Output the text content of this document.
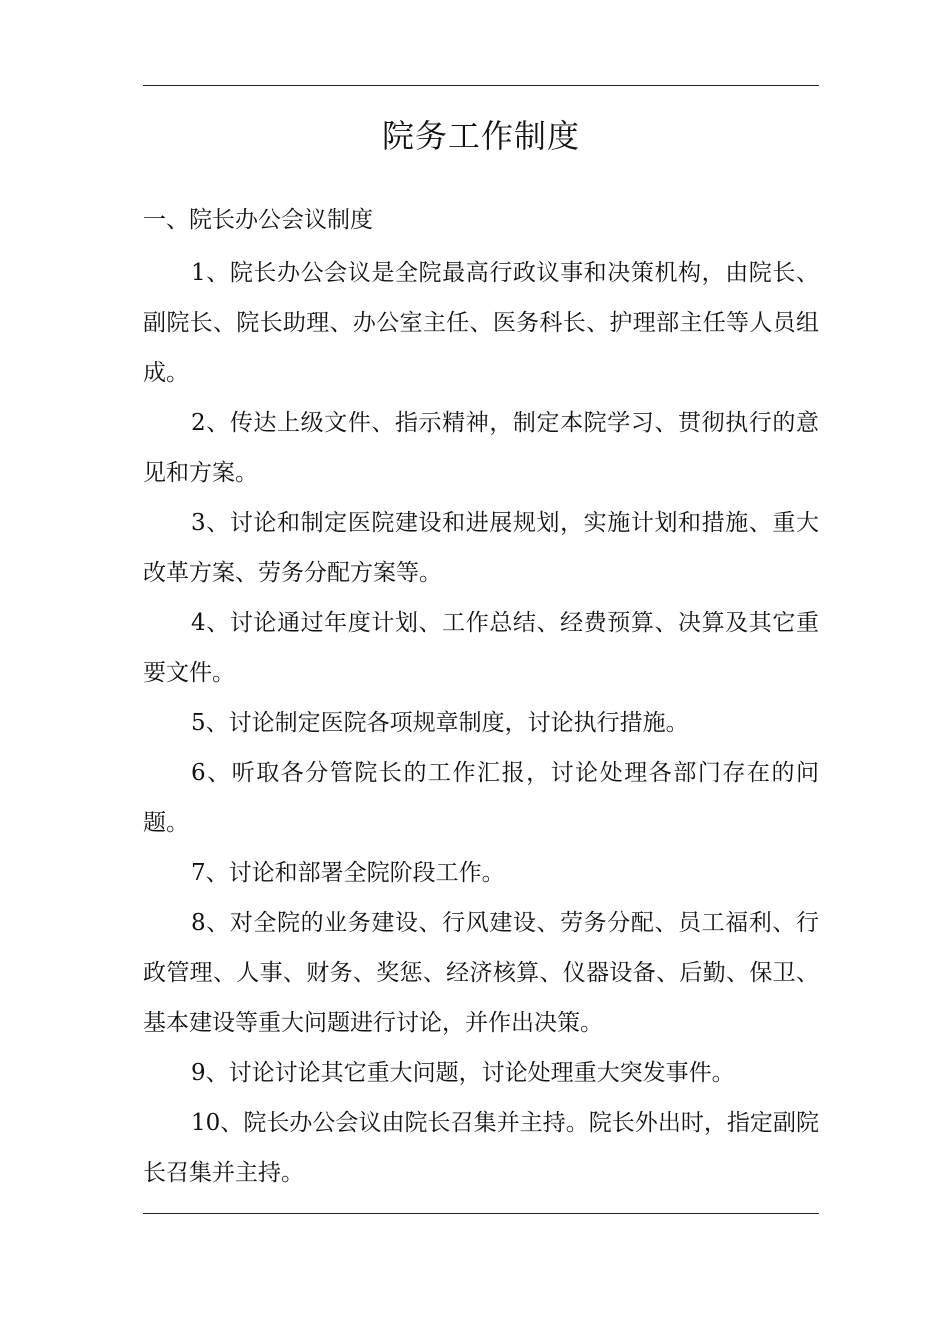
院务工作制度
一、院长办公会议制度

1、院长办公会议是全院最高行政议事和决策机构，由院长、副院长、院长助理、办公室主任、医务科长、护理部主任等人员组成。

2、传达上级文件、指示精神，制定本院学习、贯彻执行的意见和方案。

3、讨论和制定医院建设和进展规划，实施计划和措施、重大改革方案、劳务分配方案等。

4、讨论通过年度计划、工作总结、经费预算、决算及其它重要文件。

5、讨论制定医院各项规章制度，讨论执行措施。

6、听取各分管院长的工作汇报，讨论处理各部门存在的问题。

7、讨论和部署全院阶段工作。

8、对全院的业务建设、行风建设、劳务分配、员工福利、行政管理、人事、财务、奖惩、经济核算、仪器设备、后勤、保卫、基本建设等重大问题进行讨论，并作出决策。

9、讨论讨论其它重大问题，讨论处理重大突发事件。

10、院长办公会议由院长召集并主持。院长外出时，指定副院长召集并主持。
